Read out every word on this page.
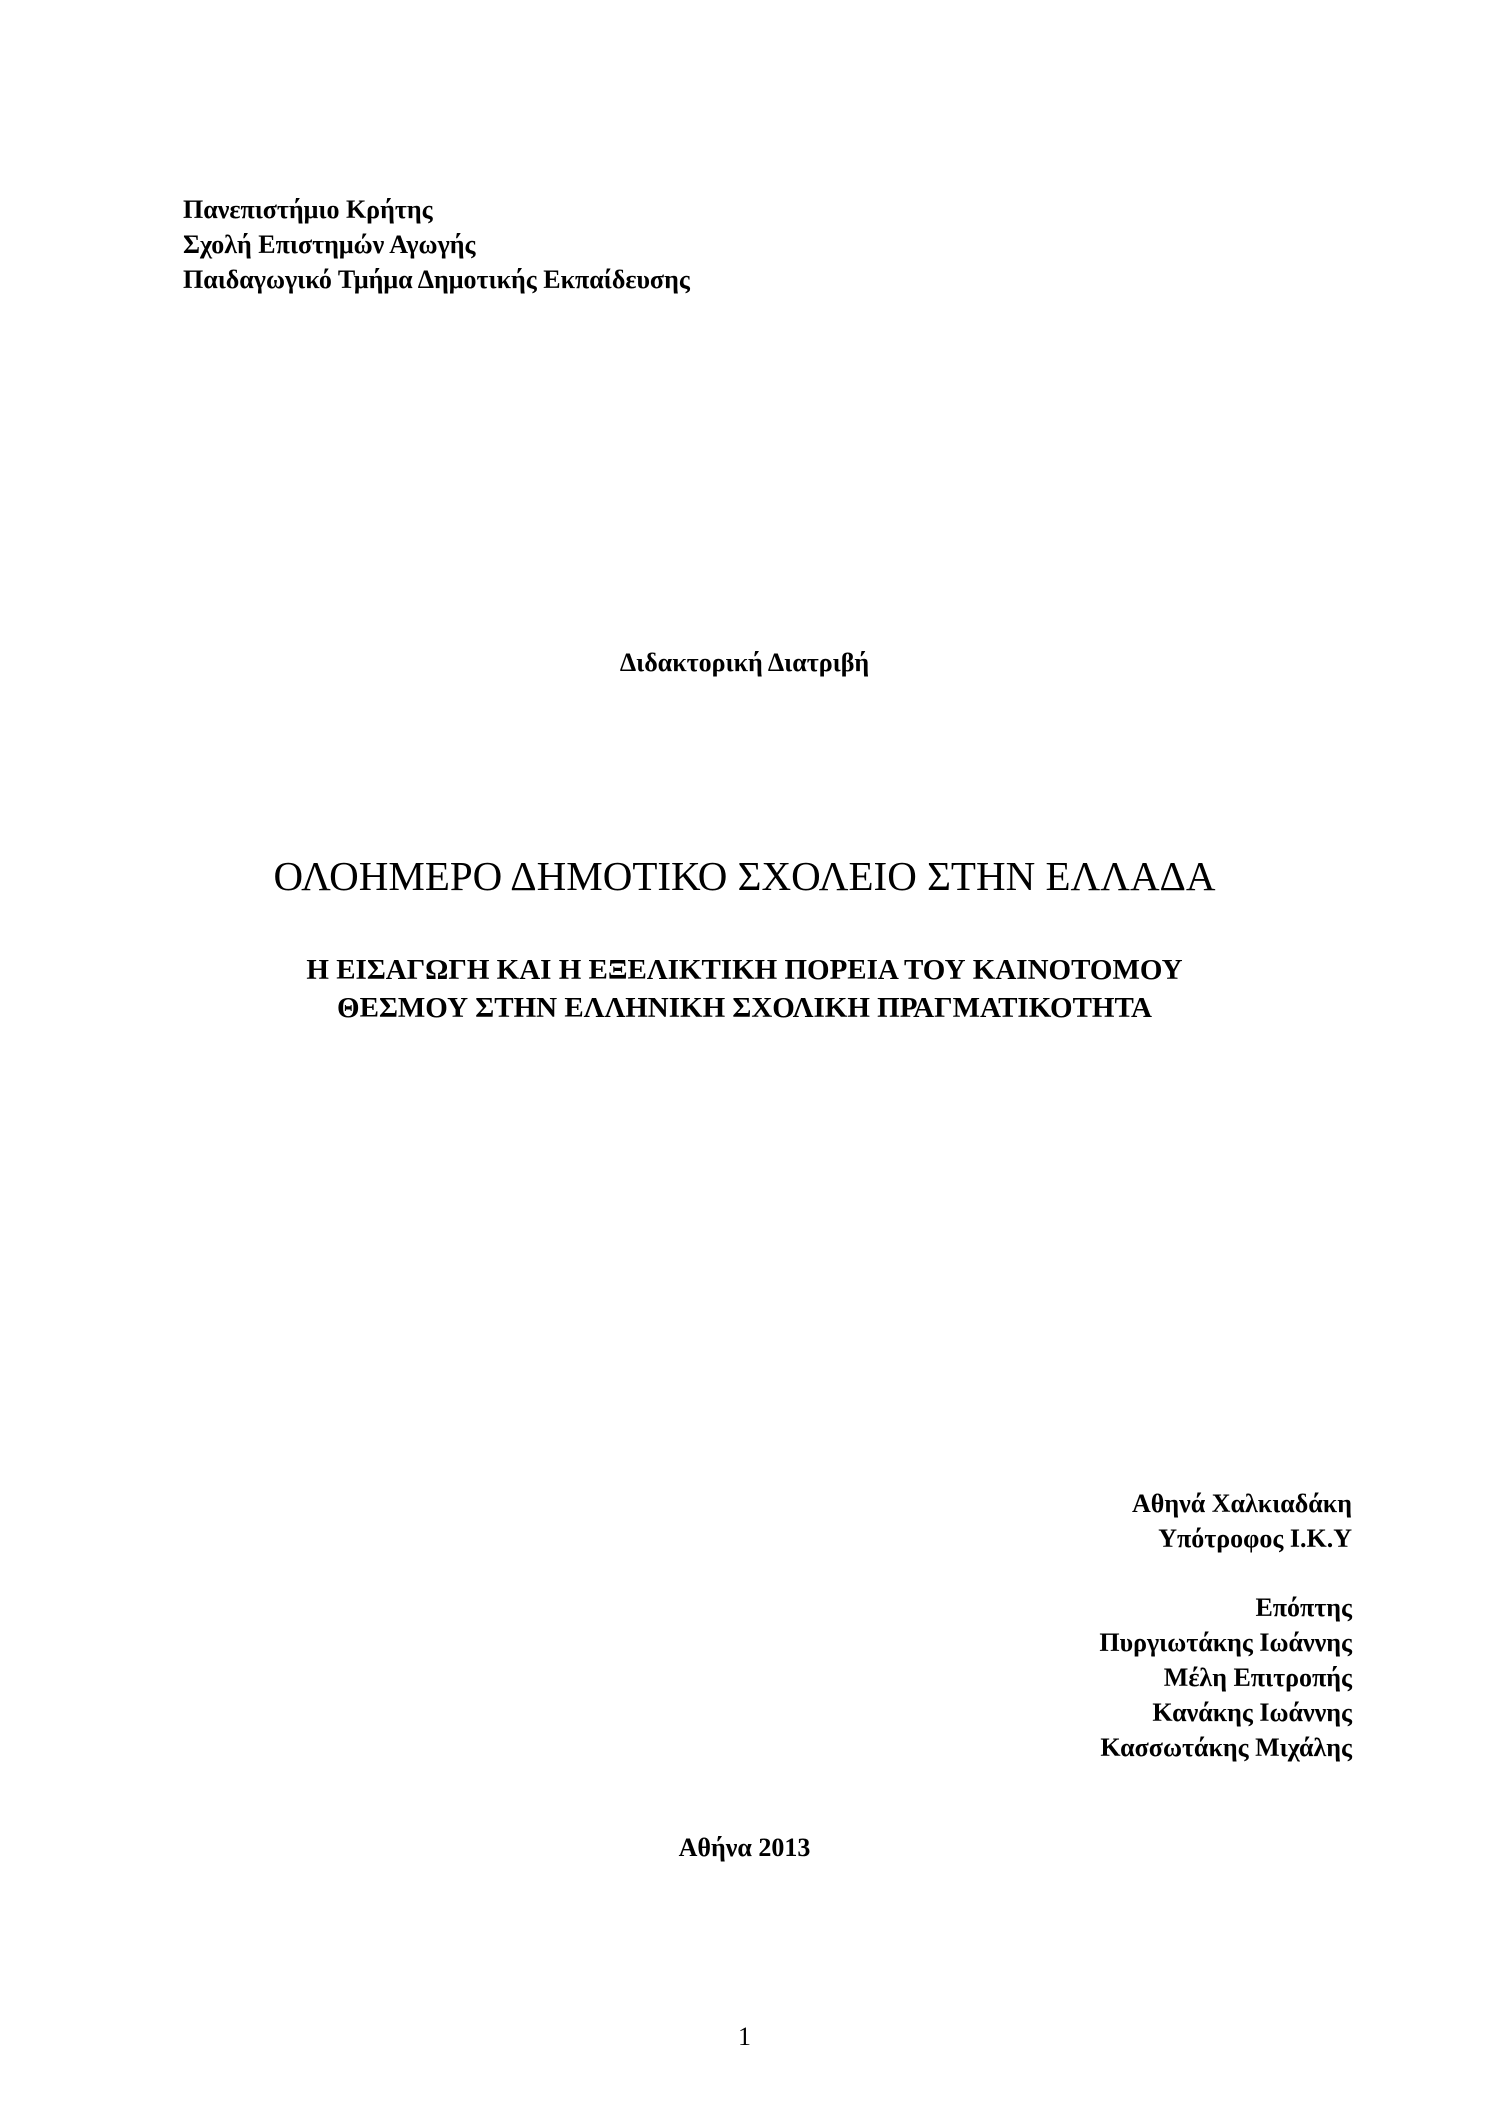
Πανεπιστήμιο Κρήτης
Σχολή Επιστημών Αγωγής
Παιδαγωγικό Τμήμα Δημοτικής Εκπαίδευσης
Διδακτορική Διατριβή
ΟΛΟΗΜΕΡΟ ΔΗΜΟΤΙΚΟ ΣΧΟΛΕΙΟ ΣΤΗΝ ΕΛΛΑΔΑ
Η ΕΙΣΑΓΩΓΗ ΚΑΙ Η ΕΞΕΛΙΚΤΙΚΗ ΠΟΡΕΙΑ ΤΟΥ ΚΑΙΝΟΤΟΜΟΥ
ΘΕΣΜΟΥ ΣΤΗΝ ΕΛΛΗΝΙΚΗ ΣΧΟΛΙΚΗ ΠΡΑΓΜΑΤΙΚΟΤΗΤΑ
Αθηνά Χαλκιαδάκη
Υπότροφος Ι.Κ.Υ
Επόπτης
Πυργιωτάκης Ιωάννης
Μέλη Επιτροπής
Κανάκης Ιωάννης
Κασσωτάκης Μιχάλης
Αθήνα 2013
1
